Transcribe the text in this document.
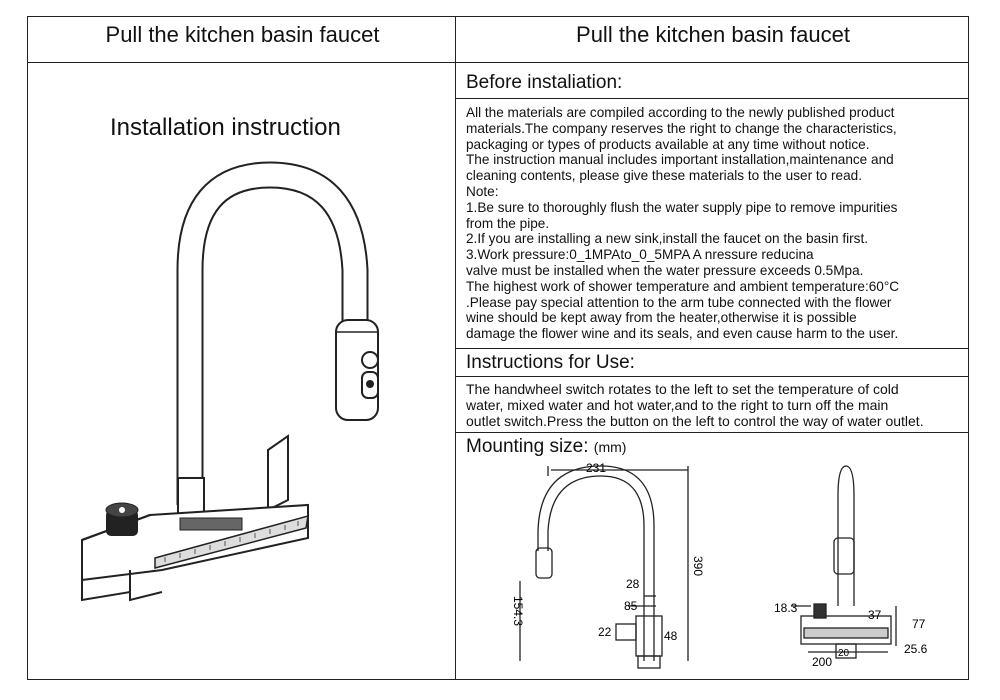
Pull the kitchen basin faucet	Pull the kitchen basin faucet
Installation instruction
Before instaliation:
All the materials are compiled according to the newly published product
materials.The company reserves the right to change the characteristics,
packaging or types of products available at any time without notice.
The instruction manual includes important installation,maintenance and
cleaning contents, please give these materials to the user to read.
Note:
1.Be sure to thoroughly flush the water supply pipe to remove impurities
from the pipe.
2.If you are installing a new sink,install the faucet on the basin first.
3.Work pressure:0_1MPAto_0_5MPA A nressure reducina
valve must be installed when the water pressure exceeds 0.5Mpa.
The highest work of shower temperature and ambient temperature:60°C
.Please pay special attention to the arm tube connected with the flower
wine should be kept away from the heater,otherwise it is possible
damage the flower wine and its seals, and even cause harm to the user.
Instructions for Use:
The handwheel switch rotates to the left to set the temperature of cold
water, mixed water and hot water,and to the right to turn off the main
outlet switch.Press the button on the left to control the way of water outlet.
Mounting size: (mm)
231
390
28
85
154.3
22	48
18.3	37
77
25.6
200
20
